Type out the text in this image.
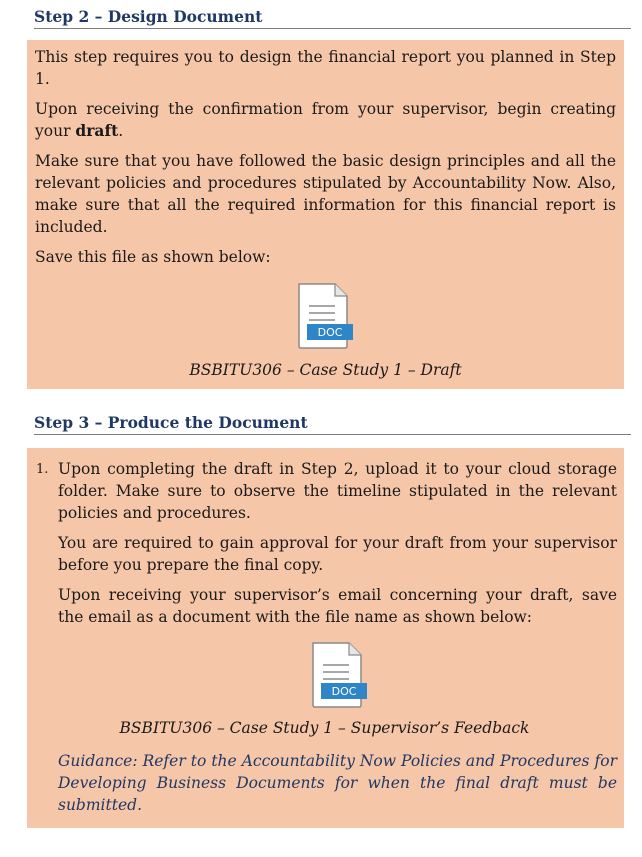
Step 2 – Design Document

This step requires you to design the financial report you planned in Step 1.

Upon receiving the confirmation from your supervisor, begin creating your draft.

Make sure that you have followed the basic design principles and all the relevant policies and procedures stipulated by Accountability Now. Also, make sure that all the required information for this financial report is included.

Save this file as shown below:

DOC
BSBITU306 – Case Study 1 – Draft
Step 3 – Produce the Document
1. Upon completing the draft in Step 2, upload it to your cloud storage folder. Make sure to observe the timeline stipulated in the relevant policies and procedures.

You are required to gain approval for your draft from your supervisor before you prepare the final copy.

Upon receiving your supervisor’s email concerning your draft, save the email as a document with the file name as shown below:

DOC
BSBITU306 – Case Study 1 – Supervisor’s Feedback

Guidance: Refer to the Accountability Now Policies and Procedures for Developing Business Documents for when the final draft must be submitted.
